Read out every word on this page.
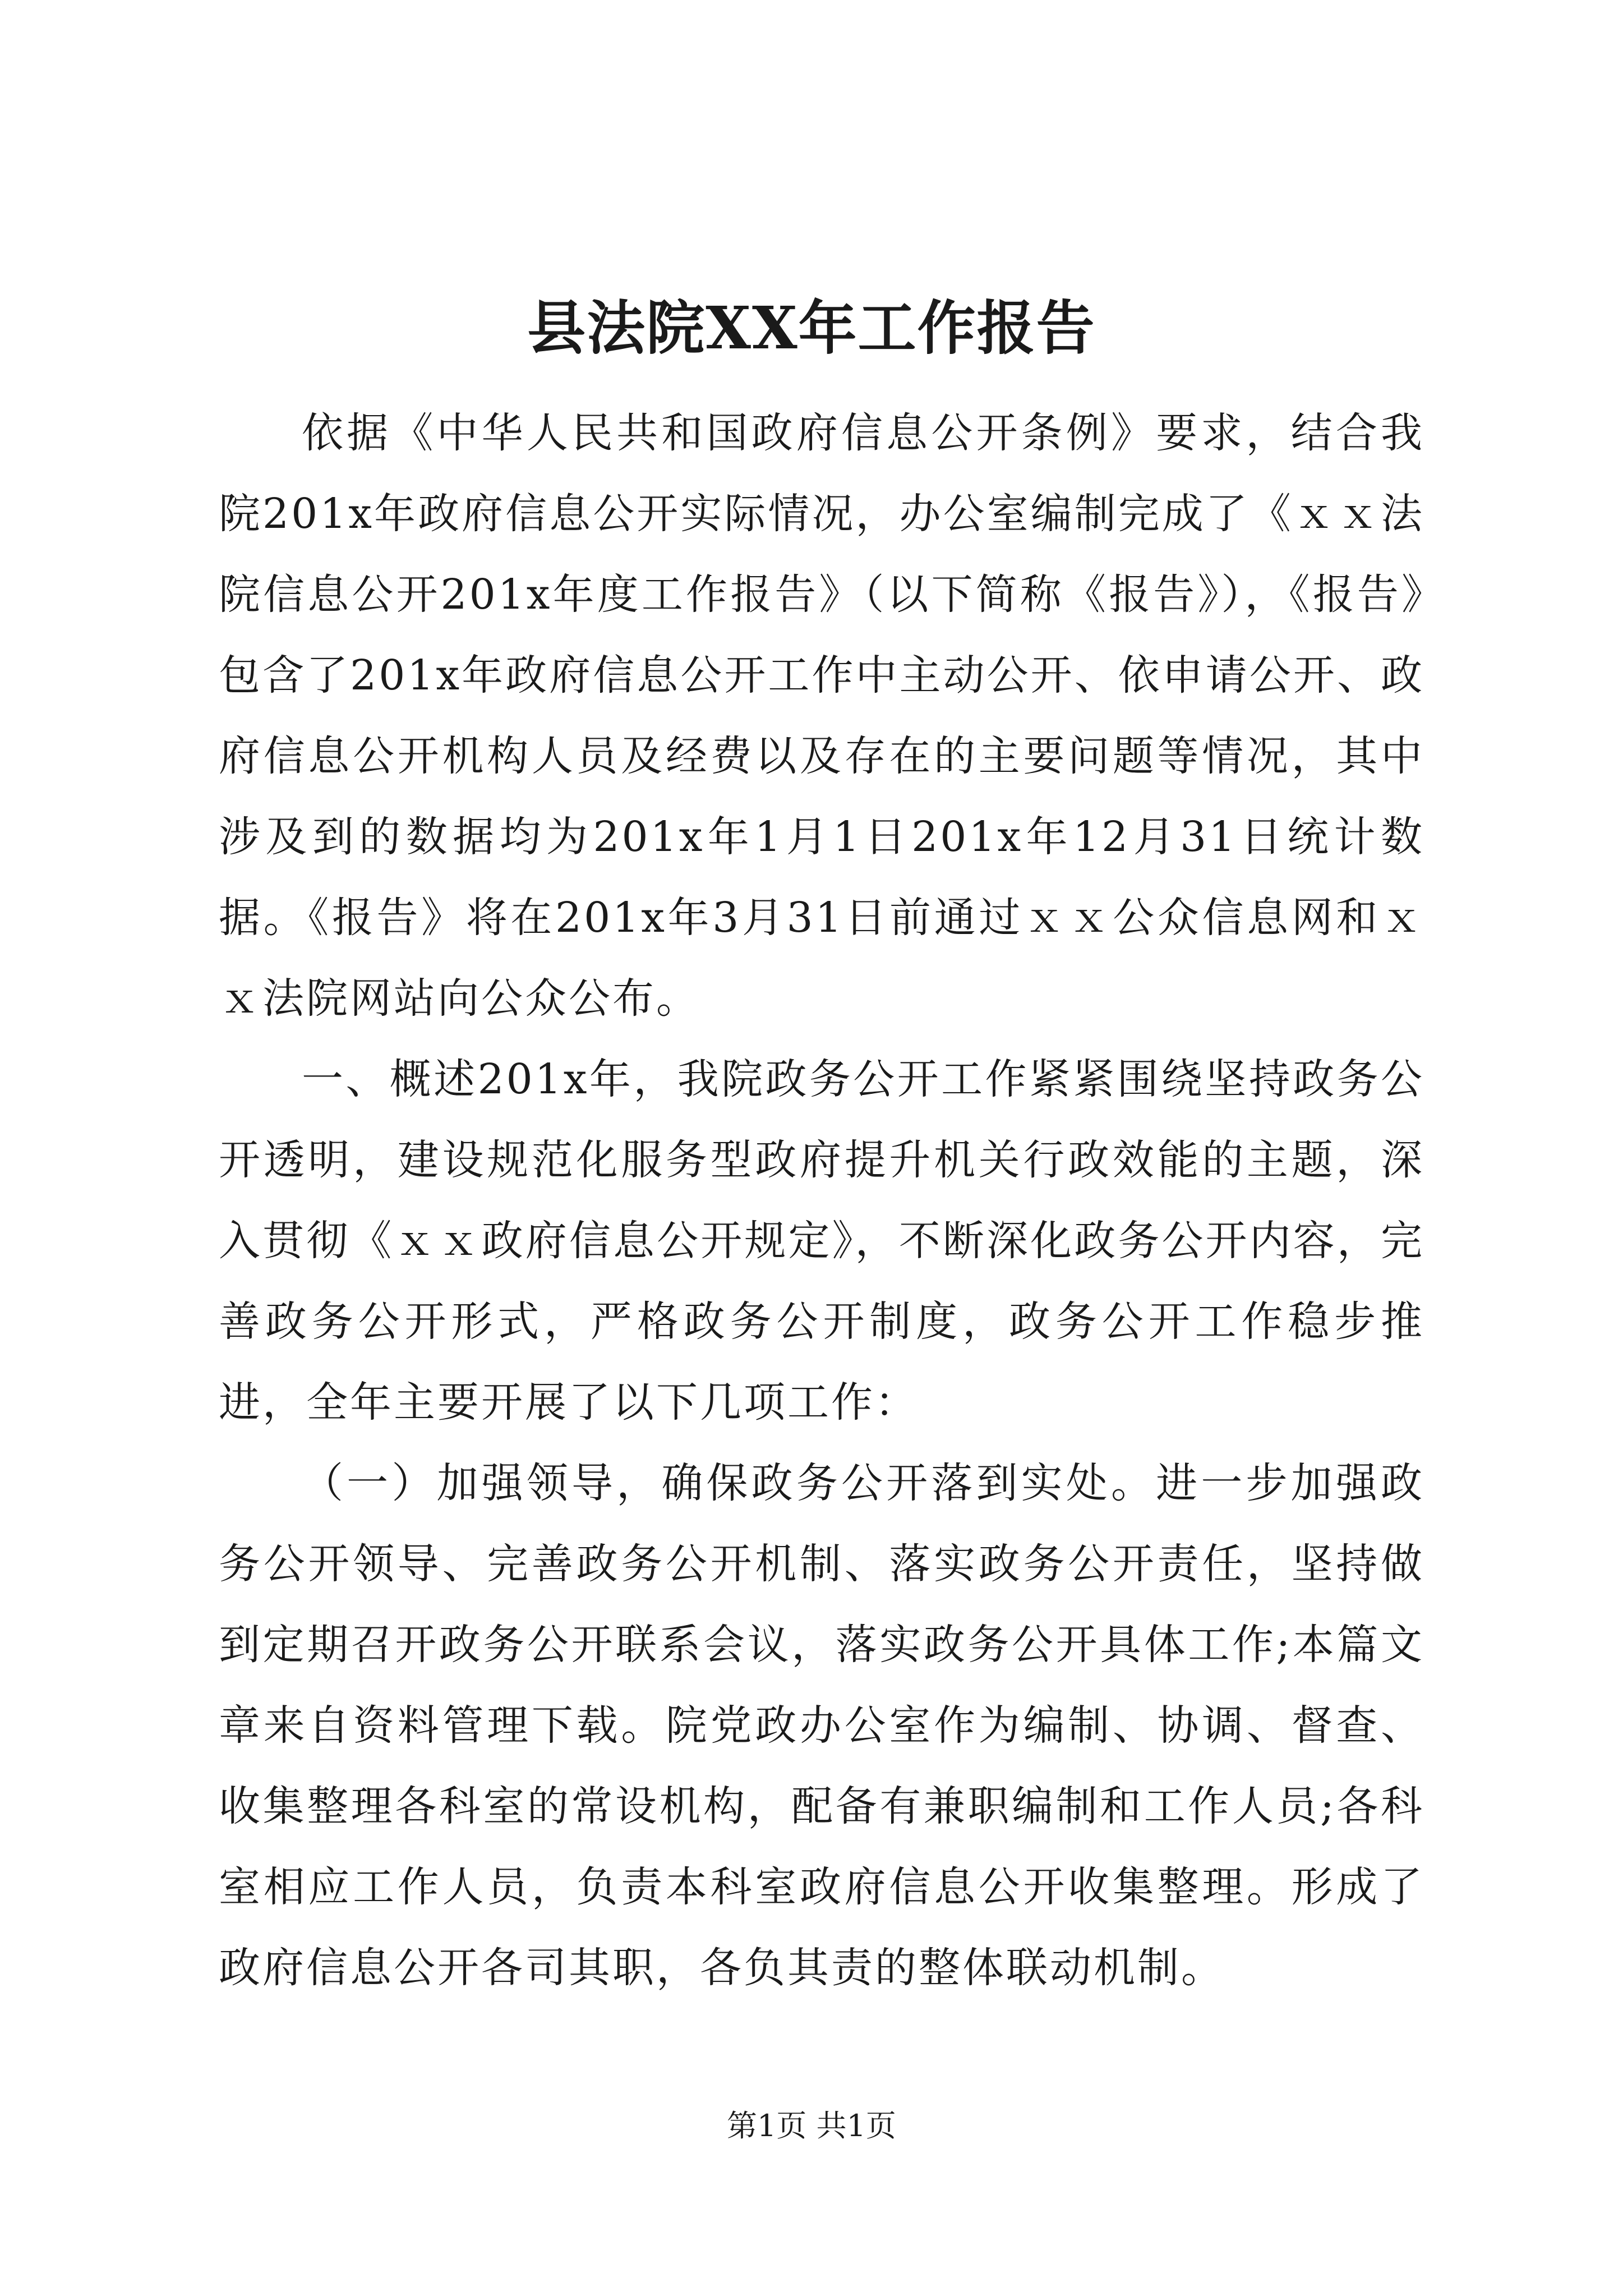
县法院XX年工作报告

依据《中华人民共和国政府信息公开条例》要求，结合我院201x年政府信息公开实际情况，办公室编制完成了《ｘｘ法院信息公开201x年度工作报告》（以下简称《报告》），《报告》包含了201x年政府信息公开工作中主动公开、依申请公开、政府信息公开机构人员及经费以及存在的主要问题等情况，其中涉及到的数据均为201x年1月1日201x年12月31日统计数据。《报告》将在201x年3月31日前通过ｘｘ公众信息网和ｘｘ法院网站向公众公布。

一、概述201x年，我院政务公开工作紧紧围绕坚持政务公开透明，建设规范化服务型政府提升机关行政效能的主题，深入贯彻《ｘｘ政府信息公开规定》，不断深化政务公开内容，完善政务公开形式，严格政务公开制度，政务公开工作稳步推进，全年主要开展了以下几项工作：

（一）加强领导，确保政务公开落到实处。进一步加强政务公开领导、完善政务公开机制、落实政务公开责任，坚持做到定期召开政务公开联系会议，落实政务公开具体工作;本篇文章来自资料管理下载。院党政办公室作为编制、协调、督查、收集整理各科室的常设机构，配备有兼职编制和工作人员;各科室相应工作人员，负责本科室政府信息公开收集整理。形成了政府信息公开各司其职，各负其责的整体联动机制。

第1页 共1页
